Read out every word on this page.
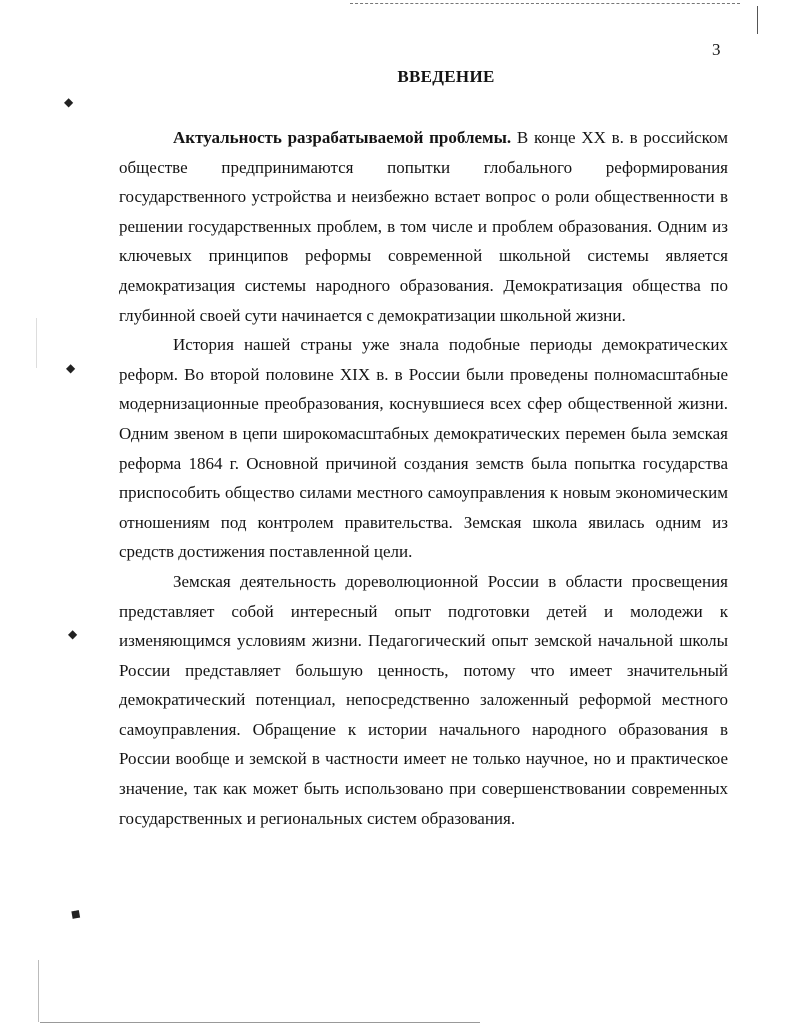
◆
◆
◆
◆
3
ВВЕДЕНИЕ

Актуальность разрабатываемой проблемы. В конце XX в. в российском обществе предпринимаются попытки глобального реформирования государственного устройства и неизбежно встает вопрос о роли общественности в решении государственных проблем, в том числе и проблем образования. Одним из ключевых принципов реформы современной школьной системы является демократизация системы народного образования. Демократизация общества по глубинной своей сути начинается с демократизации школьной жизни.

История нашей страны уже знала подобные периоды демократических реформ. Во второй половине XIX в. в России были проведены полномасштабные модернизационные преобразования, коснувшиеся всех сфер общественной жизни. Одним звеном в цепи широкомасштабных демократических перемен была земская реформа 1864 г. Основной причиной создания земств была попытка государства приспособить общество силами местного самоуправления к новым экономическим отношениям под контролем правительства. Земская школа явилась одним из средств достижения поставленной цели.

Земская деятельность дореволюционной России в области просвещения представляет собой интересный опыт подготовки детей и молодежи к изменяющимся условиям жизни. Педагогический опыт земской начальной школы России представляет большую ценность, потому что имеет значительный демократический потенциал, непосредственно заложенный реформой местного самоуправления. Обращение к истории начального народного образования в России вообще и земской в частности имеет не только научное, но и практическое значение, так как может быть использовано при совершенствовании современных государственных и региональных систем образования.
